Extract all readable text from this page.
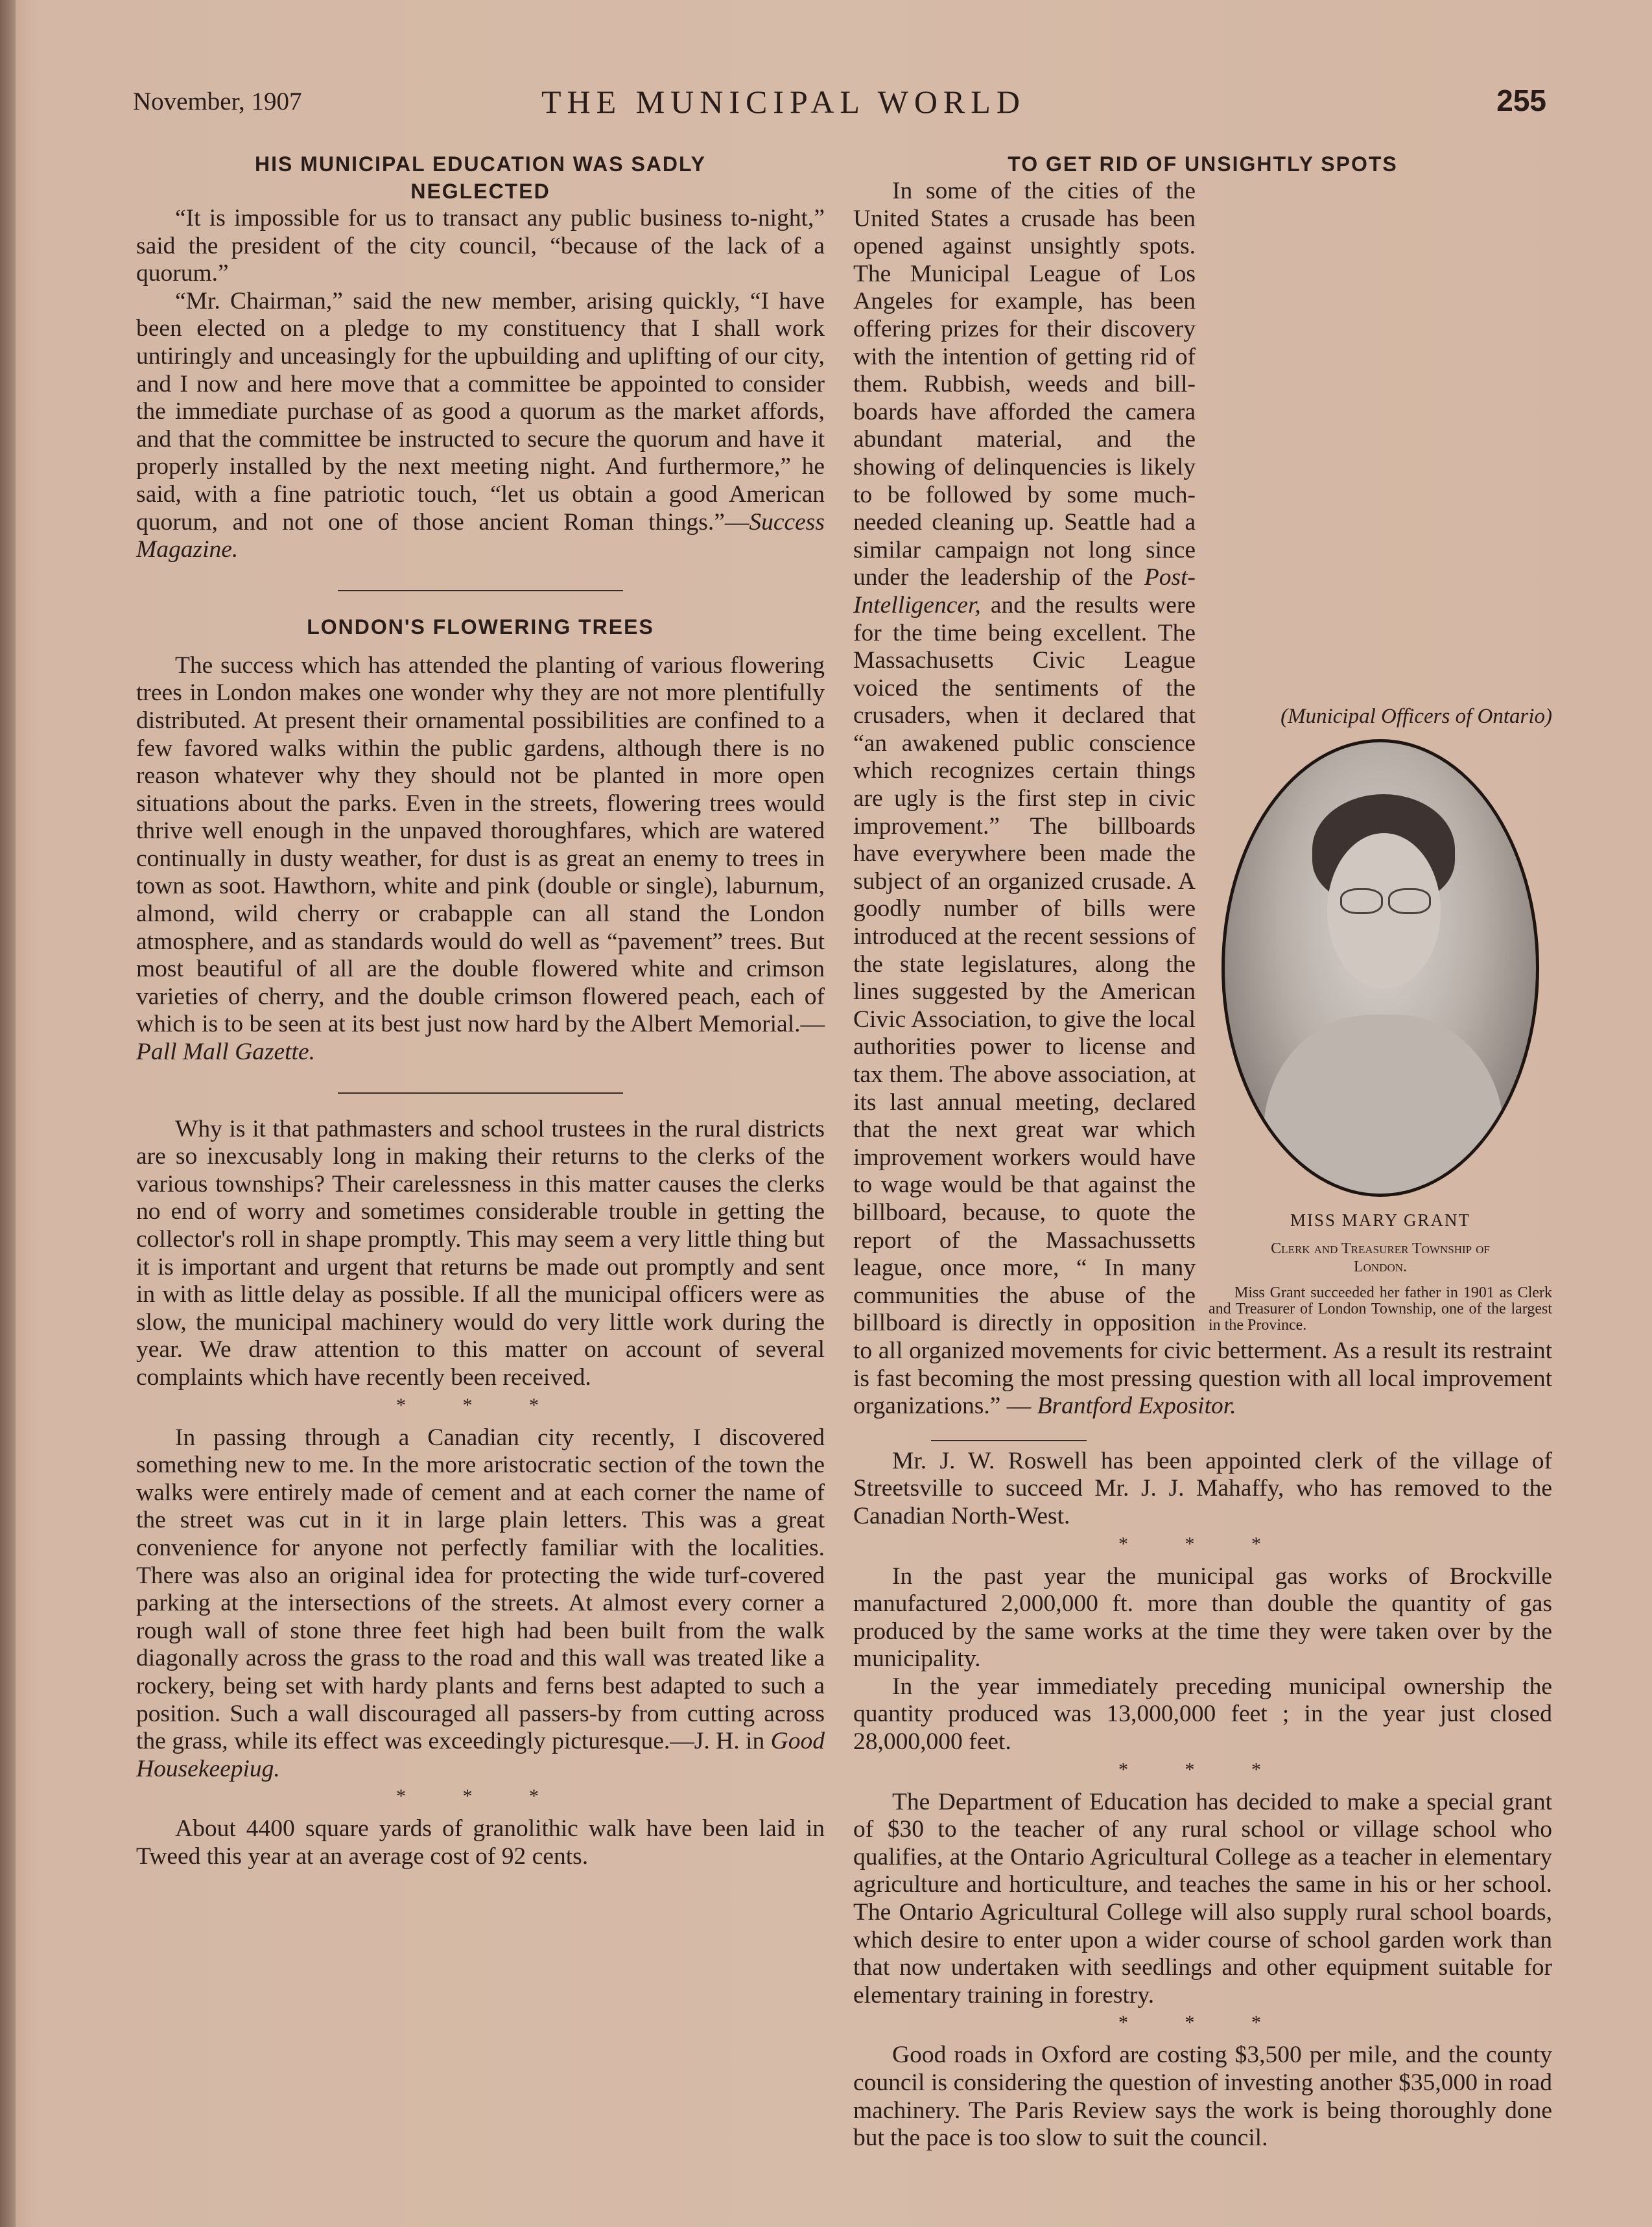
November, 1907	THE MUNICIPAL WORLD	255
HIS MUNICIPAL EDUCATION WAS SADLY
NEGLECTED

“It is impossible for us to transact any public business to-night,” said the president of the city council, “because of the lack of a quorum.”

“Mr. Chairman,” said the new member, arising quickly, “I have been elected on a pledge to my constituency that I shall work untiringly and unceasingly for the upbuilding and uplifting of our city, and I now and here move that a committee be appointed to consider the immediate purchase of as good a quorum as the market affords, and that the committee be instructed to secure the quorum and have it properly installed by the next meeting night. And furthermore,” he said, with a fine patriotic touch, “let us obtain a good American quorum, and not one of those ancient Roman things.”—Success Magazine.

LONDON'S FLOWERING TREES

The success which has attended the planting of various flowering trees in London makes one wonder why they are not more plentifully distributed. At present their ornamental possibilities are confined to a few favored walks within the public gardens, although there is no reason whatever why they should not be planted in more open situations about the parks. Even in the streets, flowering trees would thrive well enough in the unpaved thoroughfares, which are watered continually in dusty weather, for dust is as great an enemy to trees in town as soot. Hawthorn, white and pink (double or single), laburnum, almond, wild cherry or crabapple can all stand the London atmosphere, and as standards would do well as “pavement” trees. But most beautiful of all are the double flowered white and crimson varieties of cherry, and the double crimson flowered peach, each of which is to be seen at its best just now hard by the Albert Memorial.—Pall Mall Gazette.

Why is it that pathmasters and school trustees in the rural districts are so inexcusably long in making their returns to the clerks of the various townships? Their carelessness in this matter causes the clerks no end of worry and sometimes considerable trouble in getting the collector's roll in shape promptly. This may seem a very little thing but it is important and urgent that returns be made out promptly and sent in with as little delay as possible. If all the municipal officers were as slow, the municipal machinery would do very little work during the year. We draw attention to this matter on account of several complaints which have recently been received.

* * *

In passing through a Canadian city recently, I discovered something new to me. In the more aristocratic section of the town the walks were entirely made of cement and at each corner the name of the street was cut in it in large plain letters. This was a great convenience for anyone not perfectly familiar with the localities. There was also an original idea for protecting the wide turf-covered parking at the intersections of the streets. At almost every corner a rough wall of stone three feet high had been built from the walk diagonally across the grass to the road and this wall was treated like a rockery, being set with hardy plants and ferns best adapted to such a position. Such a wall discouraged all passers-by from cutting across the grass, while its effect was exceedingly picturesque.—J. H. in Good Housekeepiug.

* * *

About 4400 square yards of granolithic walk have been laid in Tweed this year at an average cost of 92 cents.

TO GET RID OF UNSIGHTLY SPOTS
(Municipal Officers of Ontario)
MISS MARY GRANT
Clerk and Treasurer Township of
London.
Miss Grant succeeded her father in 1901 as Clerk and Treasurer of London Township, one of the largest in the Province.

In some of the cities of the United States a crusade has been opened against unsightly spots. The Municipal League of Los Angeles for example, has been offering prizes for their discovery with the intention of getting rid of them. Rubbish, weeds and bill-boards have afforded the camera abundant material, and the showing of delinquencies is likely to be followed by some much-needed cleaning up. Seattle had a similar campaign not long since under the leadership of the Post-Intelligencer, and the results were for the time being excellent. The Massachusetts Civic League voiced the sentiments of the crusaders, when it declared that “an awakened public conscience which recognizes certain things are ugly is the first step in civic improvement.” The billboards have everywhere been made the subject of an organized crusade. A goodly number of bills were introduced at the recent sessions of the state legislatures, along the lines suggested by the American Civic Association, to give the local authorities power to license and tax them. The above association, at its last annual meeting, declared that the next great war which improvement workers would have to wage would be that against the billboard, because, to quote the report of the Massachussetts league, once more, “ In many communities the abuse of the billboard is directly in opposition to all organized movements for civic betterment. As a result its restraint is fast becoming the most pressing question with all local improvement organizations.” — Brantford Expositor.

Mr. J. W. Roswell has been appointed clerk of the village of Streetsville to succeed Mr. J. J. Mahaffy, who has removed to the Canadian North-West.

* * *

In the past year the municipal gas works of Brockville manufactured 2,000,000 ft. more than double the quantity of gas produced by the same works at the time they were taken over by the municipality.

In the year immediately preceding municipal ownership the quantity produced was 13,000,000 feet ; in the year just closed 28,000,000 feet.

* * *

The Department of Education has decided to make a special grant of $30 to the teacher of any rural school or village school who qualifies, at the Ontario Agricultural College as a teacher in elementary agriculture and horticulture, and teaches the same in his or her school. The Ontario Agricultural College will also supply rural school boards, which desire to enter upon a wider course of school garden work than that now undertaken with seedlings and other equipment suitable for elementary training in forestry.

* * *

Good roads in Oxford are costing $3,500 per mile, and the county council is considering the question of investing another $35,000 in road machinery. The Paris Review says the work is being thoroughly done but the pace is too slow to suit the council.
